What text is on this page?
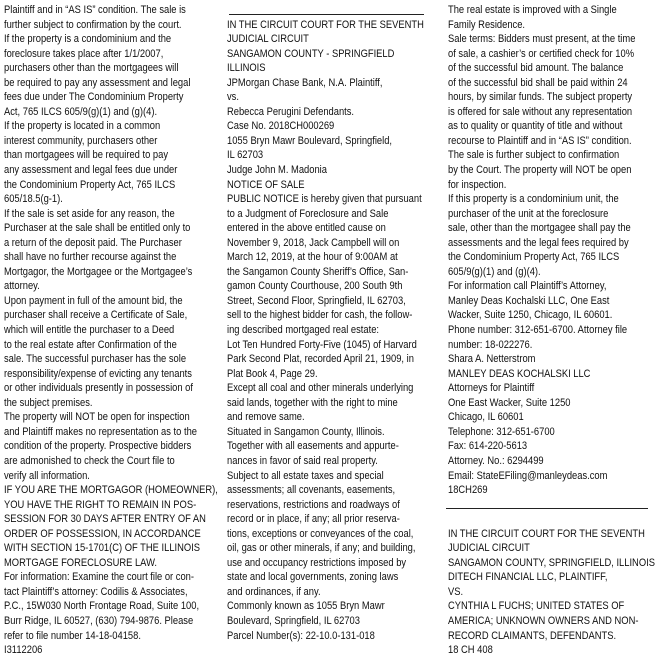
Plaintiff and in “AS IS” condition. The sale is
further subject to confirmation by the court.
If the property is a condominium and the
foreclosure takes place after 1/1/2007,
purchasers other than the mortgagees will
be required to pay any assessment and legal
fees due under The Condominium Property
Act, 765 ILCS 605/9(g)(1) and (g)(4).
If the property is located in a common
interest community, purchasers other
than mortgagees will be required to pay
any assessment and legal fees due under
the Condominium Property Act, 765 ILCS
605/18.5(g-1).
If the sale is set aside for any reason, the
Purchaser at the sale shall be entitled only to
a return of the deposit paid. The Purchaser
shall have no further recourse against the
Mortgagor, the Mortgagee or the Mortgagee’s
attorney.
Upon payment in full of the amount bid, the
purchaser shall receive a Certificate of Sale,
which will entitle the purchaser to a Deed
to the real estate after Confirmation of the
sale. The successful purchaser has the sole
responsibility/expense of evicting any tenants
or other individuals presently in possession of
the subject premises.
The property will NOT be open for inspection
and Plaintiff makes no representation as to the
condition of the property. Prospective bidders
are admonished to check the Court file to
verify all information.
IF YOU ARE THE MORTGAGOR (HOMEOWNER),
YOU HAVE THE RIGHT TO REMAIN IN POS-
SESSION FOR 30 DAYS AFTER ENTRY OF AN
ORDER OF POSSESSION, IN ACCORDANCE
WITH SECTION 15-1701(C) OF THE ILLINOIS
MORTGAGE FORECLOSURE LAW.
For information: Examine the court file or con-
tact Plaintiff’s attorney: Codilis & Associates,
P.C., 15W030 North Frontage Road, Suite 100,
Burr Ridge, IL 60527, (630) 794-9876. Please
refer to file number 14-18-04158.
I3112206

IN THE CIRCUIT COURT FOR THE SEVENTH
JUDICIAL CIRCUIT
SANGAMON COUNTY - SPRINGFIELD
ILLINOIS
JPMorgan Chase Bank, N.A. Plaintiff,
vs.
Rebecca Perugini Defendants.
Case No. 2018CH000269
1055 Bryn Mawr Boulevard, Springfield,
IL 62703
Judge John M. Madonia
NOTICE OF SALE
PUBLIC NOTICE is hereby given that pursuant
to a Judgment of Foreclosure and Sale
entered in the above entitled cause on
November 9, 2018, Jack Campbell will on
March 12, 2019, at the hour of 9:00AM at
the Sangamon County Sheriff’s Office, San-
gamon County Courthouse, 200 South 9th
Street, Second Floor, Springfield, IL 62703,
sell to the highest bidder for cash, the follow-
ing described mortgaged real estate:
Lot Ten Hundred Forty-Five (1045) of Harvard
Park Second Plat, recorded April 21, 1909, in
Plat Book 4, Page 29.
Except all coal and other minerals underlying
said lands, together with the right to mine
and remove same.
Situated in Sangamon County, Illinois.
Together with all easements and appurte-
nances in favor of said real property.
Subject to all estate taxes and special
assessments; all covenants, easements,
reservations, restrictions and roadways of
record or in place, if any; all prior reserva-
tions, exceptions or conveyances of the coal,
oil, gas or other minerals, if any; and building,
use and occupancy restrictions imposed by
state and local governments, zoning laws
and ordinances, if any.
Commonly known as 1055 Bryn Mawr
Boulevard, Springfield, IL 62703
Parcel Number(s): 22-10.0-131-018
The real estate is improved with a Single
Family Residence.
Sale terms: Bidders must present, at the time
of sale, a cashier’s or certified check for 10%
of the successful bid amount. The balance
of the successful bid shall be paid within 24
hours, by similar funds. The subject property
is offered for sale without any representation
as to quality or quantity of title and without
recourse to Plaintiff and in “AS IS” condition.
The sale is further subject to confirmation
by the Court. The property will NOT be open
for inspection.
If this property is a condominium unit, the
purchaser of the unit at the foreclosure
sale, other than the mortgagee shall pay the
assessments and the legal fees required by
the Condominium Property Act, 765 ILCS
605/9(g)(1) and (g)(4).
For information call Plaintiff’s Attorney,
Manley Deas Kochalski LLC, One East
Wacker, Suite 1250, Chicago, IL 60601.
Phone number: 312-651-6700. Attorney file
number: 18-022276.
Shara A. Netterstrom
MANLEY DEAS KOCHALSKI LLC
Attorneys for Plaintiff
One East Wacker, Suite 1250
Chicago, IL 60601
Telephone: 312-651-6700
Fax: 614-220-5613
Attorney. No.: 6294499
Email: StateEFiling@manleydeas.com
18CH269

IN THE CIRCUIT COURT FOR THE SEVENTH
JUDICIAL CIRCUIT
SANGAMON COUNTY, SPRINGFIELD, ILLINOIS
DITECH FINANCIAL LLC, PLAINTIFF,
VS.
CYNTHIA L FUCHS; UNITED STATES OF
AMERICA; UNKNOWN OWNERS AND NON-
RECORD CLAIMANTS, DEFENDANTS.
18 CH 408
